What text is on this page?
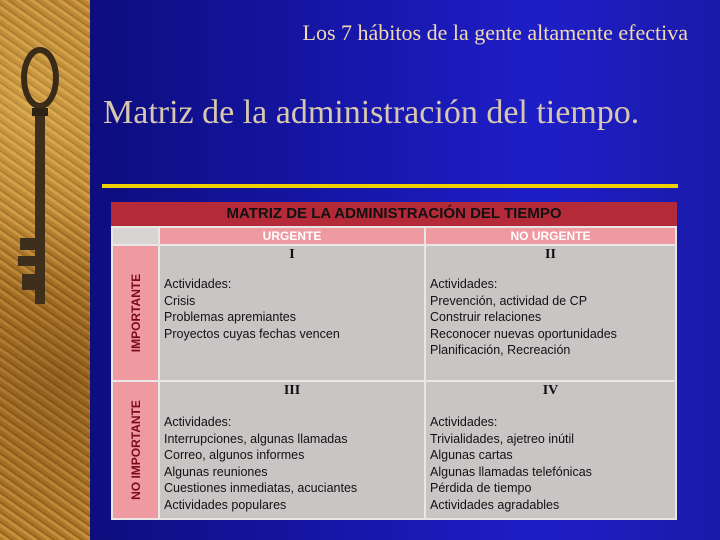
Los 7 hábitos de la gente altamente efectiva
Matriz de la administración del tiempo.
MATRIZ DE LA ADMINISTRACIÓN DEL TIEMPO
URGENTE	NO URGENTE
IMPORTANTE
NO IMPORTANTE
I
Actividades:
Crisis
Problemas apremiantes
Proyectos cuyas fechas vencen
II
Actividades:
Prevención, actividad de CP
Construir relaciones
Reconocer nuevas oportunidades
Planificación, Recreación
III
Actividades:
Interrupciones, algunas llamadas
Correo, algunos informes
Algunas reuniones
Cuestiones inmediatas, acuciantes
Actividades populares
IV
Actividades:
Trivialidades, ajetreo inútil
Algunas cartas
Algunas llamadas telefónicas
Pérdida de tiempo
Actividades agradables
